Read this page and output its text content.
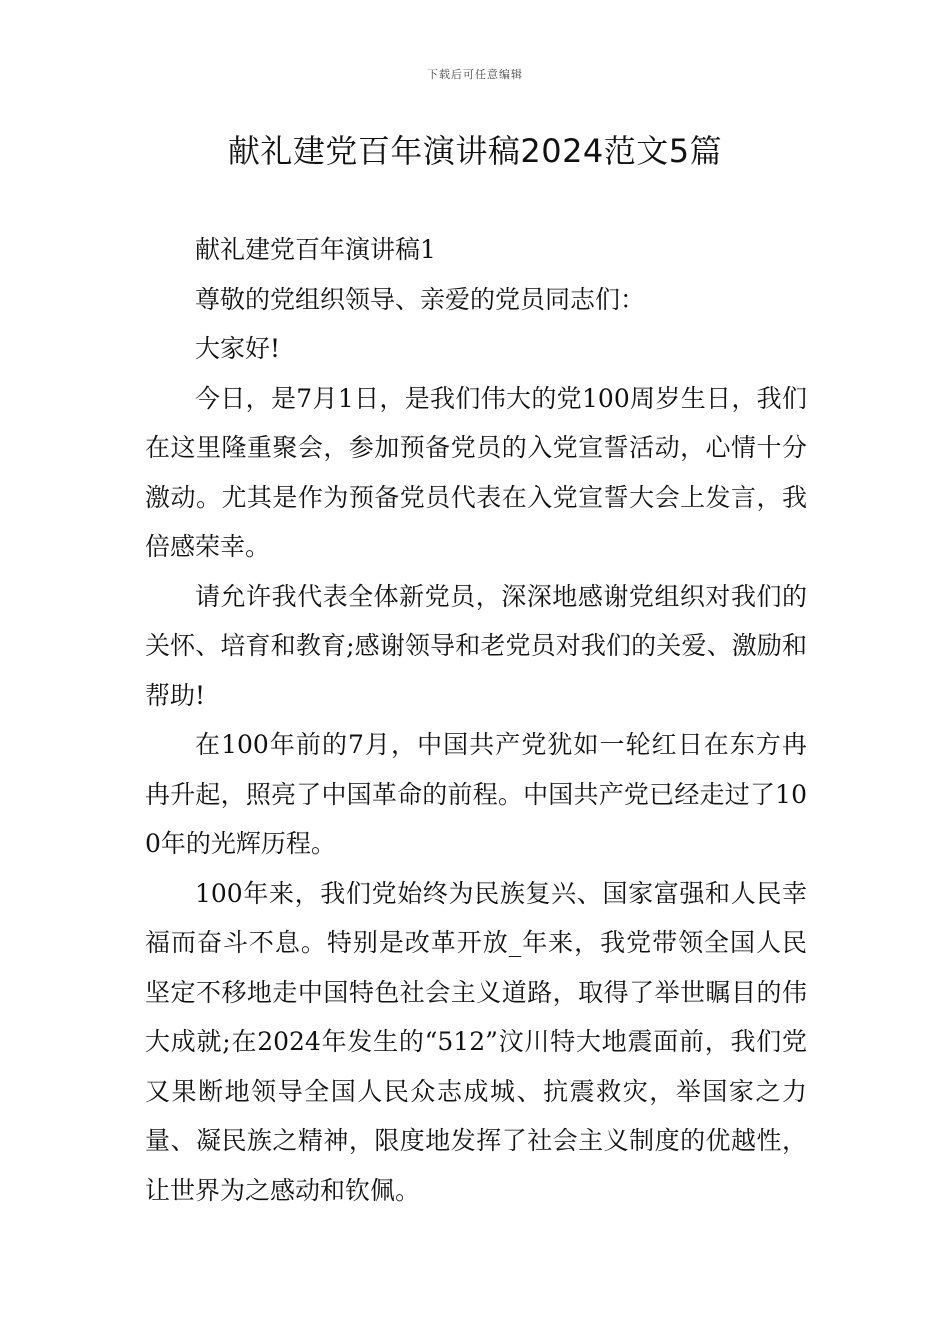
下载后可任意编辑
献礼建党百年演讲稿2024范文5篇

献礼建党百年演讲稿1

尊敬的党组织领导、亲爱的党员同志们：

大家好!

今日，是7月1日，是我们伟大的党100周岁生日，我们在这里隆重聚会，参加预备党员的入党宣誓活动，心情十分激动。尤其是作为预备党员代表在入党宣誓大会上发言，我倍感荣幸。

请允许我代表全体新党员，深深地感谢党组织对我们的关怀、培育和教育;感谢领导和老党员对我们的关爱、激励和帮助!

在100年前的7月，中国共产党犹如一轮红日在东方冉冉升起，照亮了中国革命的前程。中国共产党已经走过了100年的光辉历程。

100年来，我们党始终为民族复兴、国家富强和人民幸福而奋斗不息。特别是改革开放_年来，我党带领全国人民坚定不移地走中国特色社会主义道路，取得了举世瞩目的伟大成就;在2024年发生的“512”汶川特大地震面前，我们党又果断地领导全国人民众志成城、抗震救灾，举国家之力量、凝民族之精神，限度地发挥了社会主义制度的优越性，让世界为之感动和钦佩。
